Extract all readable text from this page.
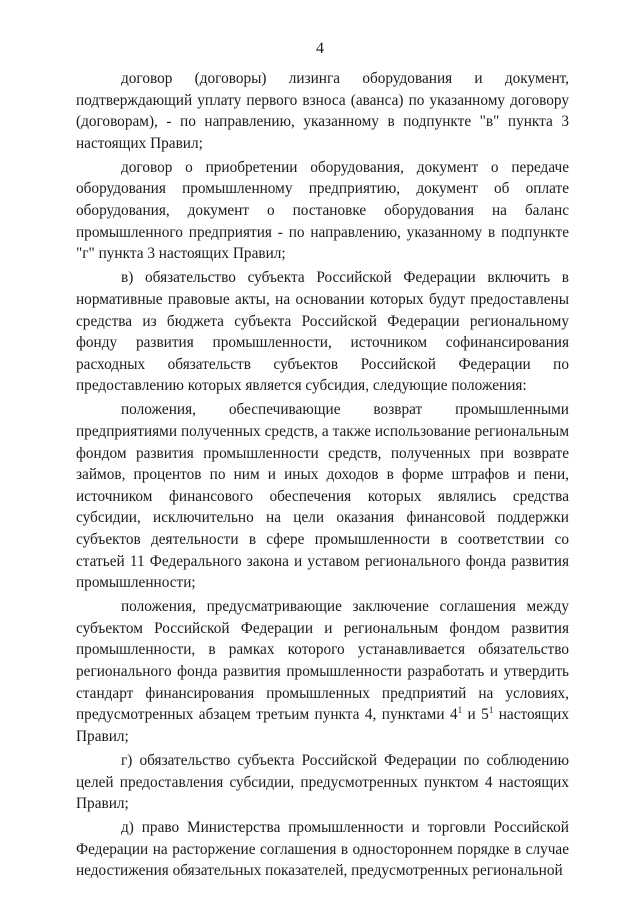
4

договор (договоры) лизинга оборудования и документ, подтверждающий уплату первого взноса (аванса) по указанному договору (договорам), - по направлению, указанному в подпункте "в" пункта 3 настоящих Правил;

договор о приобретении оборудования, документ о передаче оборудования промышленному предприятию, документ об оплате оборудования, документ о постановке оборудования на баланс промышленного предприятия - по направлению, указанному в подпункте "г" пункта 3 настоящих Правил;

в) обязательство субъекта Российской Федерации включить в нормативные правовые акты, на основании которых будут предоставлены средства из бюджета субъекта Российской Федерации региональному фонду развития промышленности, источником софинансирования расходных обязательств субъектов Российской Федерации по предоставлению которых является субсидия, следующие положения:

положения, обеспечивающие возврат промышленными предприятиями полученных средств, а также использование региональным фондом развития промышленности средств, полученных при возврате займов, процентов по ним и иных доходов в форме штрафов и пени, источником финансового обеспечения которых являлись средства субсидии, исключительно на цели оказания финансовой поддержки субъектов деятельности в сфере промышленности в соответствии со статьей 11 Федерального закона и уставом регионального фонда развития промышленности;

положения, предусматривающие заключение соглашения между субъектом Российской Федерации и региональным фондом развития промышленности, в рамках которого устанавливается обязательство регионального фонда развития промышленности разработать и утвердить стандарт финансирования промышленных предприятий на условиях, предусмотренных абзацем третьим пункта 4, пунктами $4^1$ и $5^1$ настоящих Правил;

г) обязательство субъекта Российской Федерации по соблюдению целей предоставления субсидии, предусмотренных пунктом 4 настоящих Правил;

д) право Министерства промышленности и торговли Российской Федерации на расторжение соглашения в одностороннем порядке в случае недостижения обязательных показателей, предусмотренных региональной
